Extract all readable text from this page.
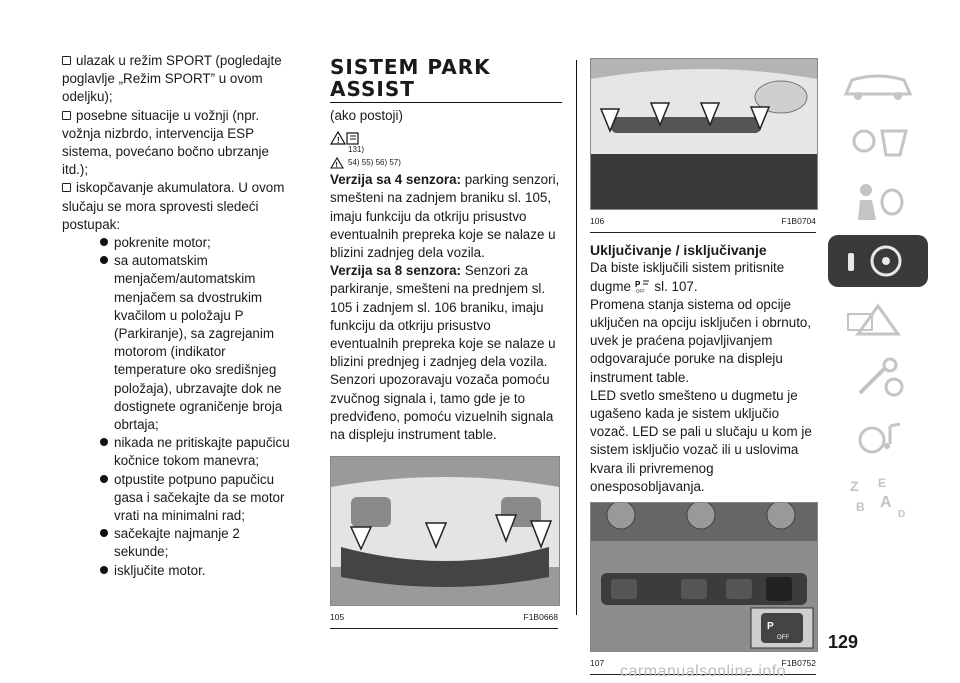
ulazak u režim SPORT (pogledajte poglavlje „Režim SPORT” u ovom odeljku);

posebne situacije u vožnji (npr. vožnja nizbrdo, intervencija ESP sistema, povećano bočno ubrzanje itd.);

iskopčavanje akumulatora. U ovom slučaju se mora sprovesti sledeći postupak:

pokrenite motor;

sa automatskim menjačem/automatskim menjačem sa dvostrukim kvačilom u položaju P (Parkiranje), sa zagrejanim motorom (indikator temperature oko središnjeg položaja), ubrzavajte dok ne dostignete ograničenje broja obrtaja;

nikada ne pritiskajte papučicu kočnice tokom manevra;

otpustite potpuno papučicu gasa i sačekajte da se motor vrati na minimalni rad;

sačekajte najmanje 2 sekunde;

isključite motor.

SISTEM PARK ASSIST

(ako postoji)

!
131)
! 54) 55) 56) 57)

Verzija sa 4 senzora: parking senzori, smešteni na zadnjem braniku sl. 105, imaju funkciju da otkriju prisustvo eventualnih prepreka koje se nalaze u blizini zadnjeg dela vozila.

Verzija sa 8 senzora: Senzori za parkiranje, smešteni na prednjem sl. 105 i zadnjem sl. 106 braniku, imaju funkciju da otkriju prisustvo eventualnih prepreka koje se nalaze u blizini prednjeg i zadnjeg dela vozila.

Senzori upozoravaju vozača pomoću zvučnog signala i, tamo gde je to predviđeno, pomoću vizuelnih signala na displeju instrument table.

105	F1B0668
106	F1B0704

Uključivanje / isključivanje

Da biste isključili sistem pritisnite dugme P
OFF sl. 107.

Promena stanja sistema od opcije uključen na opciju isključen i obrnuto, uvek je praćena pojavljivanjem odgovarajuće poruke na displeju instrument table.

LED svetlo smešteno u dugmetu je ugašeno kada je sistem uključio vozač. LED se pali u slučaju u kom je sistem isključio vozač ili u uslovima kvara ili privremenog onesposobljavanja.

P
OFF
107	F1B0752
Z E
B A
D
129
carmanualsonline.info
